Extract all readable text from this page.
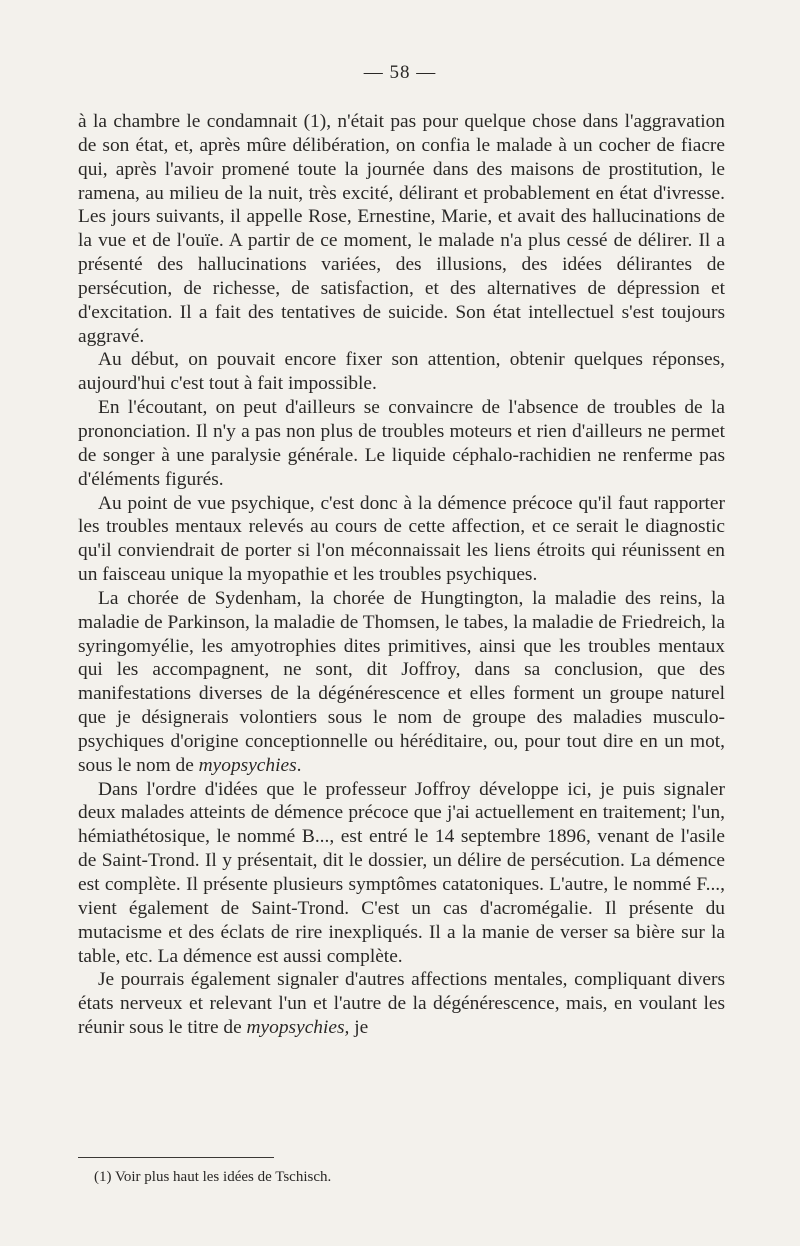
— 58 —

à la chambre le condamnait (1), n'était pas pour quelque chose dans l'aggravation de son état, et, après mûre délibération, on confia le malade à un cocher de fiacre qui, après l'avoir promené toute la journée dans des maisons de prostitution, le ramena, au milieu de la nuit, très excité, délirant et probablement en état d'ivresse. Les jours suivants, il appelle Rose, Ernestine, Marie, et avait des hallucinations de la vue et de l'ouïe. A partir de ce moment, le malade n'a plus cessé de délirer. Il a présenté des hallucinations variées, des illusions, des idées délirantes de persécution, de richesse, de satisfaction, et des alternatives de dépression et d'excitation. Il a fait des tentatives de suicide. Son état intellectuel s'est toujours aggravé.

Au début, on pouvait encore fixer son attention, obtenir quelques réponses, aujourd'hui c'est tout à fait impossible.

En l'écoutant, on peut d'ailleurs se convaincre de l'absence de troubles de la prononciation. Il n'y a pas non plus de troubles moteurs et rien d'ailleurs ne permet de songer à une paralysie générale. Le liquide céphalo-rachidien ne renferme pas d'éléments figurés.

Au point de vue psychique, c'est donc à la démence précoce qu'il faut rapporter les troubles mentaux relevés au cours de cette affection, et ce serait le diagnostic qu'il conviendrait de porter si l'on méconnaissait les liens étroits qui réunissent en un faisceau unique la myopathie et les troubles psychiques.

La chorée de Sydenham, la chorée de Hungtington, la maladie des reins, la maladie de Parkinson, la maladie de Thomsen, le tabes, la maladie de Friedreich, la syringomyélie, les amyotrophies dites primitives, ainsi que les troubles mentaux qui les accompagnent, ne sont, dit Joffroy, dans sa conclusion, que des manifestations diverses de la dégénérescence et elles forment un groupe naturel que je désignerais volontiers sous le nom de groupe des maladies musculo-psychiques d'origine conceptionnelle ou héréditaire, ou, pour tout dire en un mot, sous le nom de myopsychies.

Dans l'ordre d'idées que le professeur Joffroy développe ici, je puis signaler deux malades atteints de démence précoce que j'ai actuellement en traitement; l'un, hémiathétosique, le nommé B..., est entré le 14 septembre 1896, venant de l'asile de Saint-Trond. Il y présentait, dit le dossier, un délire de persécution. La démence est complète. Il présente plusieurs symptômes catatoniques. L'autre, le nommé F..., vient également de Saint-Trond. C'est un cas d'acromégalie. Il présente du mutacisme et des éclats de rire inexpliqués. Il a la manie de verser sa bière sur la table, etc. La démence est aussi complète.

Je pourrais également signaler d'autres affections mentales, compliquant divers états nerveux et relevant l'un et l'autre de la dégénérescence, mais, en voulant les réunir sous le titre de myopsychies, je

(1) Voir plus haut les idées de Tschisch.
